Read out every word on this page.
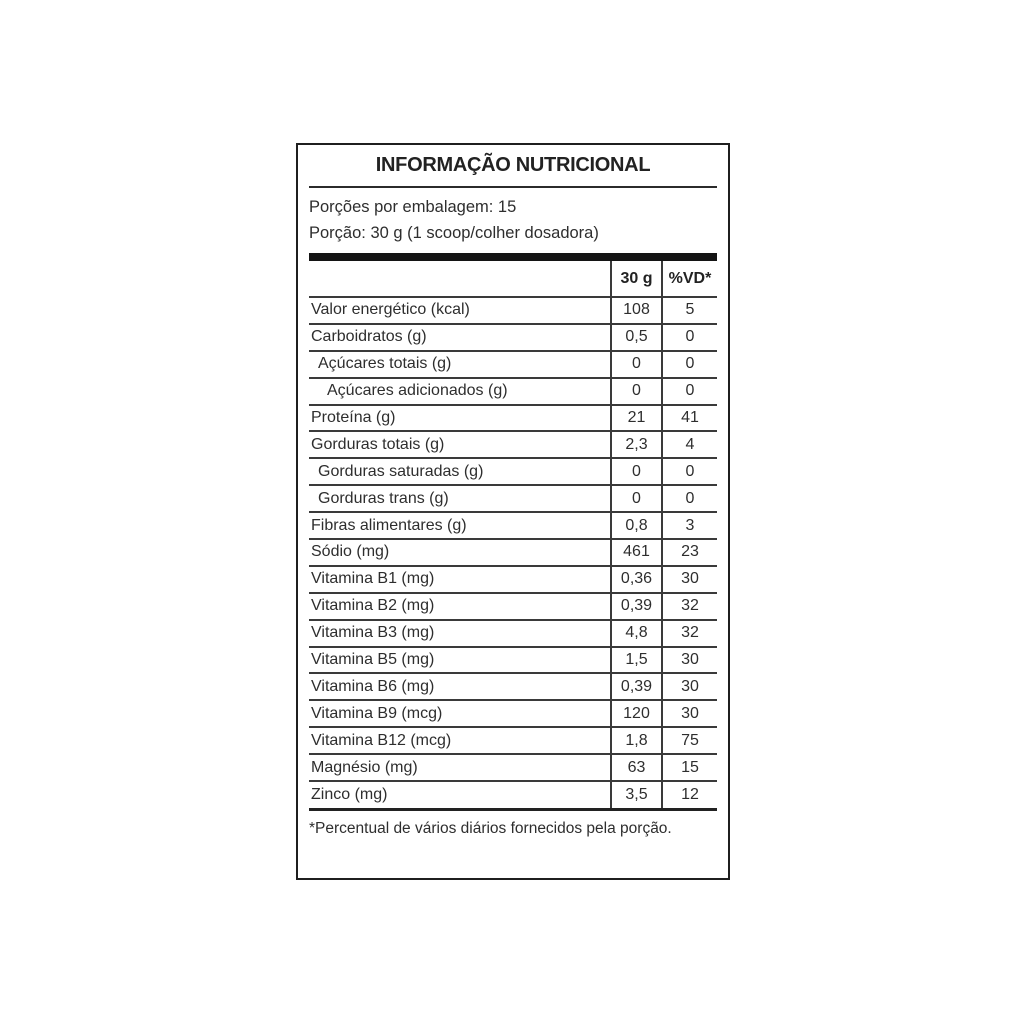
INFORMAÇÃO NUTRICIONAL
Porções por embalagem: 15
Porção: 30 g (1 scoop/colher dosadora)
	30 g	%VD*
Valor energético (kcal)	108	5
Carboidratos (g)	0,5	0
Açúcares totais (g)	0	0
Açúcares adicionados (g)	0	0
Proteína (g)	21	41
Gorduras totais (g)	2,3	4
Gorduras saturadas (g)	0	0
Gorduras trans (g)	0	0
Fibras alimentares (g)	0,8	3
Sódio (mg)	461	23
Vitamina B1 (mg)	0,36	30
Vitamina B2 (mg)	0,39	32
Vitamina B3 (mg)	4,8	32
Vitamina B5 (mg)	1,5	30
Vitamina B6 (mg)	0,39	30
Vitamina B9 (mcg)	120	30
Vitamina B12 (mcg)	1,8	75
Magnésio (mg)	63	15
Zinco (mg)	3,5	12
*Percentual de vários diários fornecidos pela porção.
